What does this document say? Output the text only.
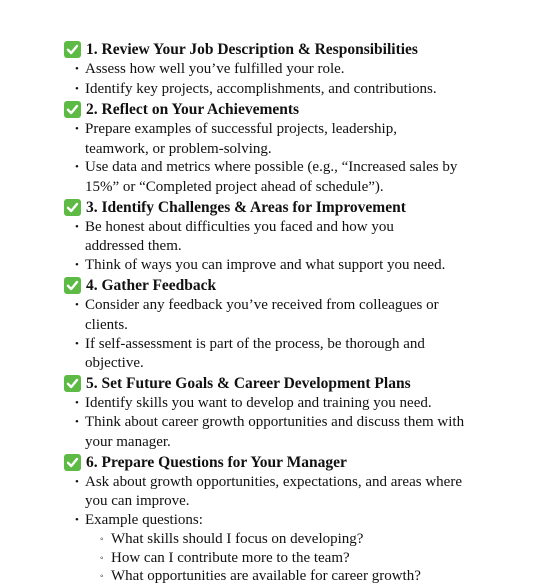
1. Review Your Job Description & Responsibilities
• Assess how well you’ve fulfilled your role.
• Identify key projects, accomplishments, and contributions.
2. Reflect on Your Achievements
• Prepare examples of successful projects, leadership, teamwork, or problem-solving.
• Use data and metrics where possible (e.g., “Increased sales by 15%” or “Completed project ahead of schedule”).
3. Identify Challenges & Areas for Improvement
• Be honest about difficulties you faced and how you addressed them.
• Think of ways you can improve and what support you need.
4. Gather Feedback
• Consider any feedback you’ve received from colleagues or clients.
• If self-assessment is part of the process, be thorough and objective.
5. Set Future Goals & Career Development Plans
• Identify skills you want to develop and training you need.
• Think about career growth opportunities and discuss them with your manager.
6. Prepare Questions for Your Manager
• Ask about growth opportunities, expectations, and areas where you can improve.
• Example questions:
◦ What skills should I focus on developing?
◦ How can I contribute more to the team?
◦ What opportunities are available for career growth?
